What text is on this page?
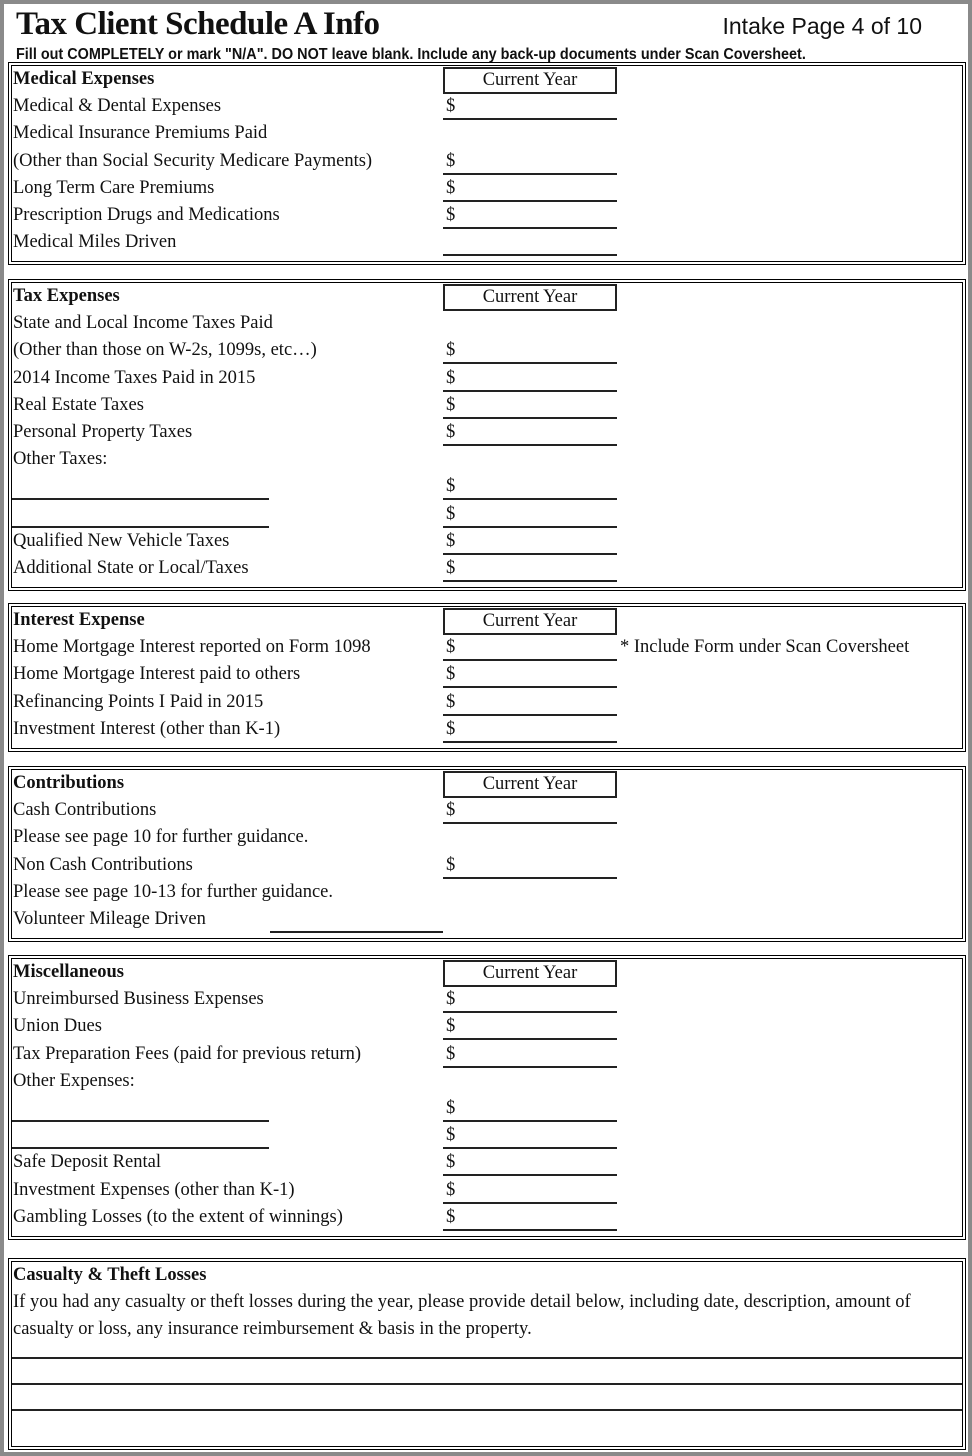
Tax Client Schedule A Info	Intake Page 4 of 10
Fill out COMPLETELY or mark "N/A". DO NOT leave blank. Include any back-up documents under Scan Coversheet.
Medical Expenses	Current Year
Medical & Dental Expenses	$
Medical Insurance Premiums Paid
(Other than Social Security Medicare Payments)	$
Long Term Care Premiums	$
Prescription Drugs and Medications	$
Medical Miles Driven
Tax Expenses	Current Year
State and Local Income Taxes Paid
(Other than those on W-2s, 1099s, etc…)	$
2014 Income Taxes Paid in 2015	$
Real Estate Taxes	$
Personal Property Taxes	$
Other Taxes:
$
$
Qualified New Vehicle Taxes	$
Additional State or Local/Taxes	$
Interest Expense	Current Year
Home Mortgage Interest reported on Form 1098	$	* Include Form under Scan Coversheet
Home Mortgage Interest paid to others	$
Refinancing Points I Paid in 2015	$
Investment Interest (other than K-1)	$
Contributions	Current Year
Cash Contributions	$
Please see page 10 for further guidance.
Non Cash Contributions	$
Please see page 10-13 for further guidance.
Volunteer Mileage Driven
Miscellaneous	Current Year
Unreimbursed Business Expenses	$
Union Dues	$
Tax Preparation Fees (paid for previous return)	$
Other Expenses:
$
$
Safe Deposit Rental	$
Investment Expenses (other than K-1)	$
Gambling Losses (to the extent of winnings)	$
Casualty & Theft Losses
If you had any casualty or theft losses during the year, please provide detail below, including date, description, amount of casualty or loss, any insurance reimbursement & basis in the property.
